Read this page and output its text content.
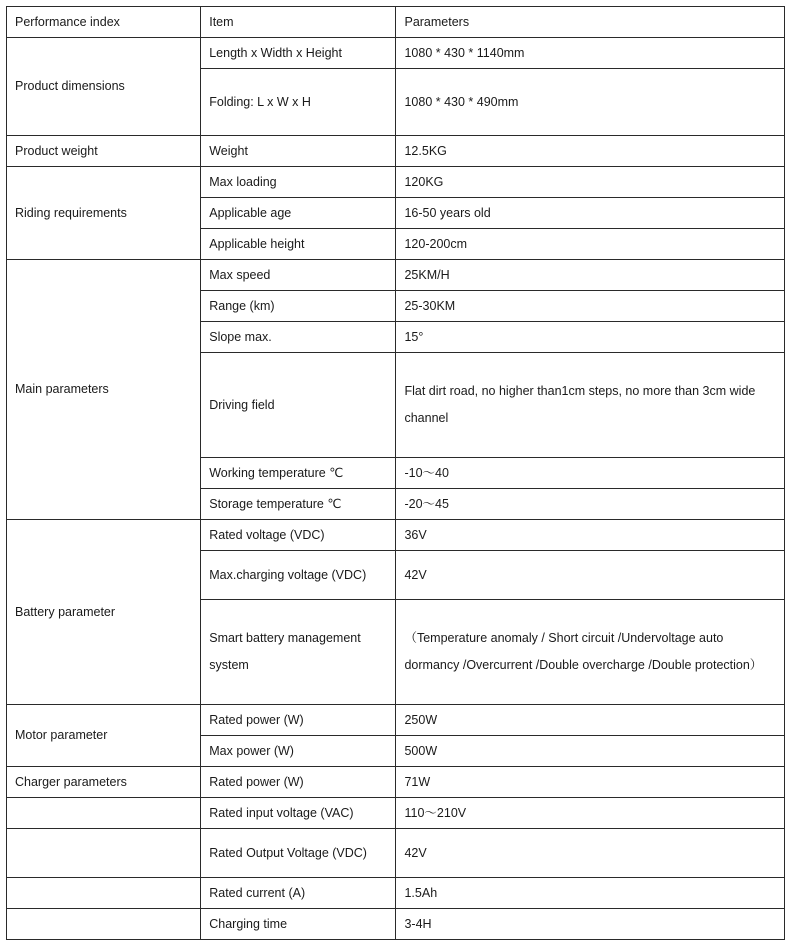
Performance index	Item	Parameters
Product dimensions	Length x Width x Height	1080 * 430 * 1140mm
	Folding: L x W x H	1080 * 430 * 490mm
Product weight	Weight	12.5KG
Riding requirements	Max loading	120KG
	Applicable age	16-50 years old
	Applicable height	120-200cm
Main parameters	Max speed	25KM/H
	Range (km)	25-30KM
	Slope max.	15°
	Driving field	Flat dirt road, no higher than1cm steps, no more than 3cm wide channel
	Working temperature ℃	-10～40
	Storage temperature ℃	-20～45
Battery parameter	Rated voltage (VDC)	36V
	Max.charging voltage (VDC)	42V
	Smart battery management system	（Temperature anomaly / Short circuit /Undervoltage auto dormancy /Overcurrent /Double overcharge /Double protection）
Motor parameter	Rated power (W)	250W
	Max power (W)	500W
Charger parameters	Rated power (W)	71W
	Rated input voltage (VAC)	110～210V
	Rated Output Voltage (VDC)	42V
	Rated current (A)	1.5Ah
	Charging time	3-4H
